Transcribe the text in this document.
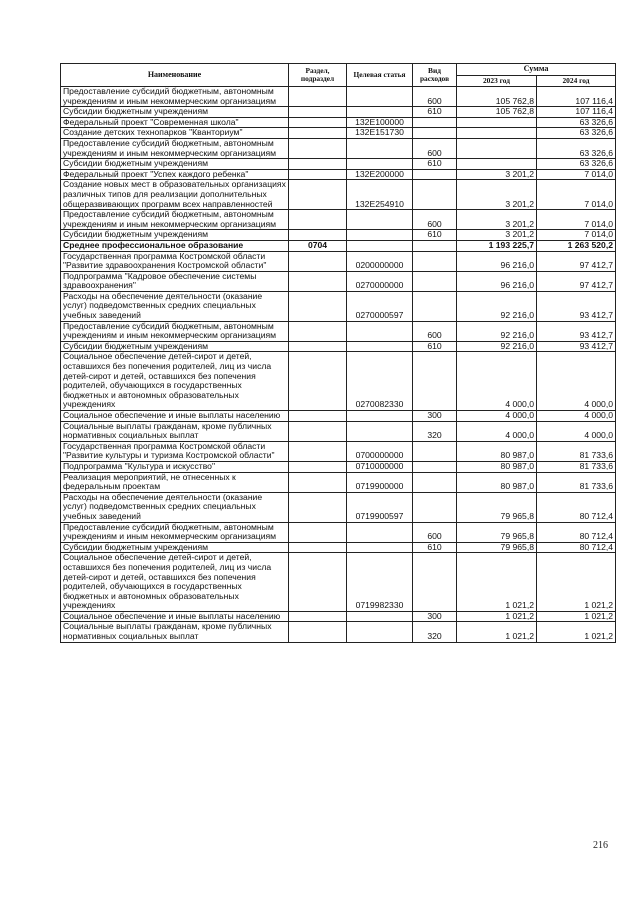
Наименование	Раздел, подраздел	Целевая статья	Вид расходов	Сумма	
				2023 год	2024 год
Предоставление субсидий бюджетным, автономным учреждениям и иным некоммерческим организациям			600	105 762,8	107 116,4
Субсидии бюджетным учреждениям			610	105 762,8	107 116,4
Федеральный проект "Современная школа"		132Е100000			63 326,6
Создание детских технопарков "Кванториум"		132Е151730			63 326,6
Предоставление субсидий бюджетным, автономным учреждениям и иным некоммерческим организациям			600		63 326,6
Субсидии бюджетным учреждениям			610		63 326,6
Федеральный проект "Успех каждого ребенка"		132Е200000		3 201,2	7 014,0
Создание новых мест в образовательных организациях различных типов для реализации дополнительных общеразвивающих программ всех направленностей		132Е254910		3 201,2	7 014,0
Предоставление субсидий бюджетным, автономным учреждениям и иным некоммерческим организациям			600	3 201,2	7 014,0
Субсидии бюджетным учреждениям			610	3 201,2	7 014,0
Среднее профессиональное образование	0704			1 193 225,7	1 263 520,2
Государственная программа Костромской области "Развитие здравоохранения Костромской области"		0200000000		96 216,0	97 412,7
Подпрограмма "Кадровое обеспечение системы здравоохранения"		0270000000		96 216,0	97 412,7
Расходы на обеспечение деятельности (оказание услуг) подведомственных средних специальных учебных заведений		0270000597		92 216,0	93 412,7
Предоставление субсидий бюджетным, автономным учреждениям и иным некоммерческим организациям			600	92 216,0	93 412,7
Субсидии бюджетным учреждениям			610	92 216,0	93 412,7
Социальное обеспечение детей-сирот и детей, оставшихся без попечения родителей, лиц из числа детей-сирот и детей, оставшихся без попечения родителей, обучающихся в государственных бюджетных и автономных образовательных учреждениях		0270082330		4 000,0	4 000,0
Социальное обеспечение и иные выплаты населению			300	4 000,0	4 000,0
Социальные выплаты гражданам, кроме публичных нормативных социальных выплат			320	4 000,0	4 000,0
Государственная программа Костромской области "Развитие культуры и туризма Костромской области"		0700000000		80 987,0	81 733,6
Подпрограмма "Культура и искусство"		0710000000		80 987,0	81 733,6
Реализация мероприятий, не отнесенных к федеральным проектам		0719900000		80 987,0	81 733,6
Расходы на обеспечение деятельности (оказание услуг) подведомственных средних специальных учебных заведений		0719900597		79 965,8	80 712,4
Предоставление субсидий бюджетным, автономным учреждениям и иным некоммерческим организациям			600	79 965,8	80 712,4
Субсидии бюджетным учреждениям			610	79 965,8	80 712,4
Социальное обеспечение детей-сирот и детей, оставшихся без попечения родителей, лиц из числа детей-сирот и детей, оставшихся без попечения родителей, обучающихся в государственных бюджетных и автономных образовательных учреждениях		0719982330		1 021,2	1 021,2
Социальное обеспечение и иные выплаты населению			300	1 021,2	1 021,2
Социальные выплаты гражданам, кроме публичных нормативных социальных выплат			320	1 021,2	1 021,2
216
